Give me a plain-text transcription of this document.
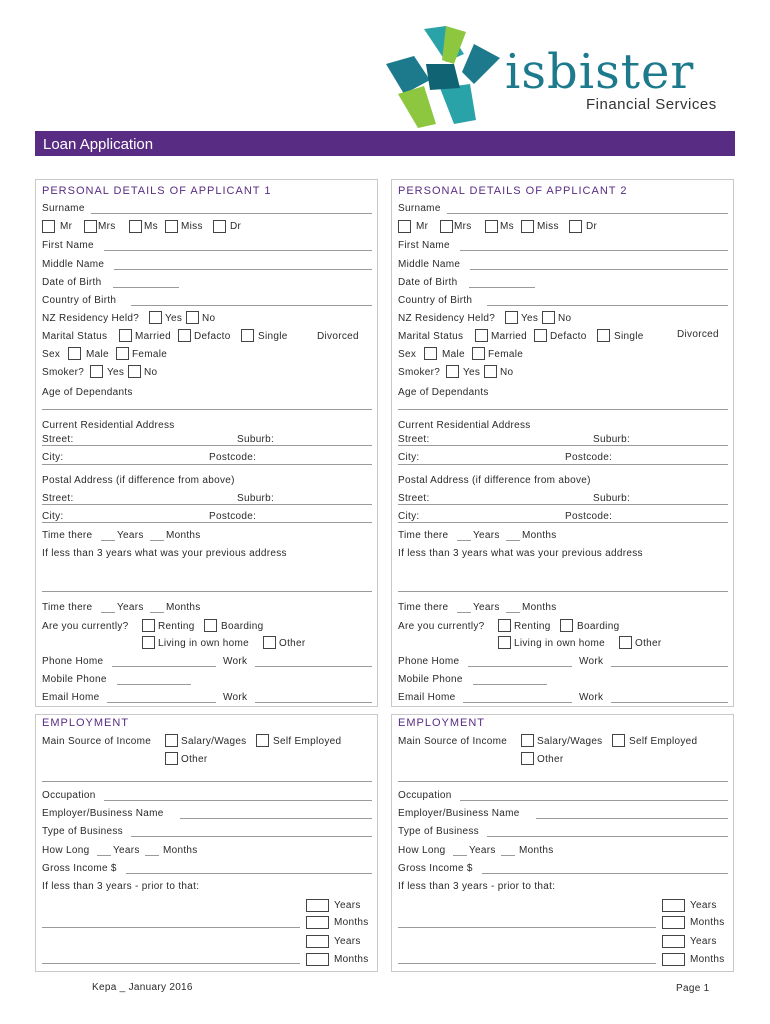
isbister
Financial Services
Loan Application
PERSONAL DETAILS OF APPLICANT 1
Surname
Mr	Mrs	Ms Miss	Dr
First Name
Middle Name
Date of Birth
Country of Birth
NZ Residency Held?	Yes No
Marital Status	Married Defacto	Single	Divorced
Sex	Male Female
Smoker? Yes No
Age of Dependants
Current Residential Address
Street:	Suburb:
City:	Postcode:
Postal Address (if difference from above)
Street:	Suburb:
City:	Postcode:
Time there Years Months
If less than 3 years what was your previous address
Time there Years Months
Are you currently?	Renting	Boarding
Living in own home	Other
Phone Home	Work
Mobile Phone
Email Home	Work
EMPLOYMENT
Main Source of Income	Salary/Wages	Self Employed
Other
Occupation
Employer/Business Name
Type of Business
How Long Years Months
Gross Income $
If less than 3 years - prior to that:
Years
Months
Years
Months
PERSONAL DETAILS OF APPLICANT 2
Surname
Mr	Mrs	Ms Miss	Dr
First Name
Middle Name
Date of Birth
Country of Birth
NZ Residency Held?	Yes No
Marital Status	Married Defacto	Single	Divorced
Sex	Male Female
Smoker? Yes No
Age of Dependants
Current Residential Address
Street:	Suburb:
City:	Postcode:
Postal Address (if difference from above)
Street:	Suburb:
City:	Postcode:
Time there Years Months
If less than 3 years what was your previous address
Time there Years Months
Are you currently?	Renting	Boarding
Living in own home	Other
Phone Home	Work
Mobile Phone
Email Home	Work
EMPLOYMENT
Main Source of Income	Salary/Wages	Self Employed
Other
Occupation
Employer/Business Name
Type of Business
How Long Years Months
Gross Income $
If less than 3 years - prior to that:
Years
Months
Years
Months
Kepa _ January 2016	Page 1
